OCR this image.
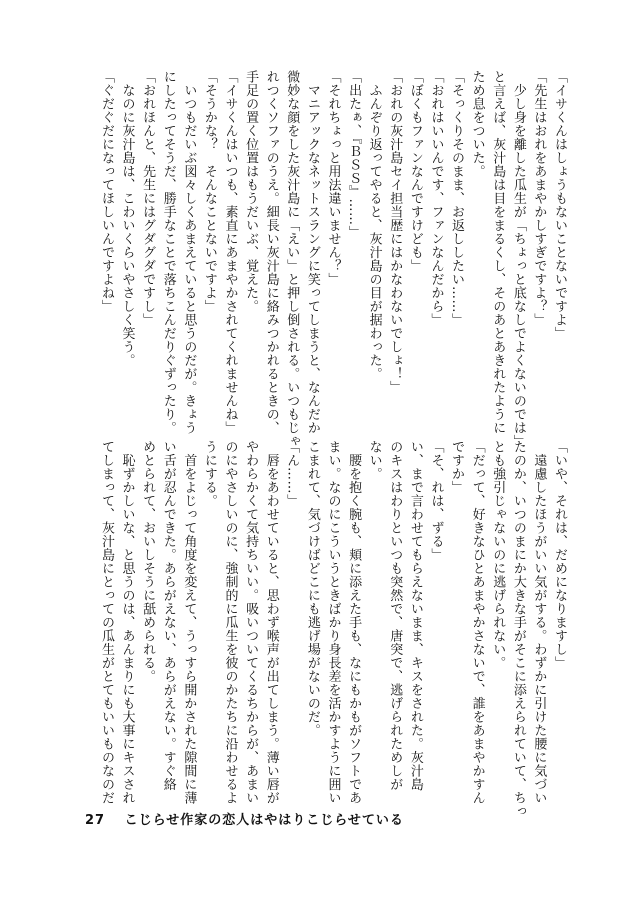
「イサくんはしょうもないことないですよ」
「先生はおれをあまやかしすぎですよ？」
　少し身を離した瓜生が「ちょっと底なしでよくないのでは」
と言えば、灰汁島は目をまるくし、そのあとあきれたように
ため息をついた。
「そっくりそのまま、お返ししたい……」
「おれはいいんです、ファンなんだから」
「ぼくもファンなんですけども」
「おれの灰汁島セイ担当歴にはかなわないでしょ！」
　ふんぞり返ってやると、灰汁島の目が据わった。
「出たぁ、『ＢＳＳ』……」
「それちょっと用法違いません？」
　マニアックなネットスラングに笑ってしまうと、なんだか
微妙な顔をした灰汁島に「えい」と押し倒される。いつもじゃ
れつくソファのうえ。細長い灰汁島に絡みつかれるときの、
手足の置く位置はもうだいぶ、覚えた。
「イサくんはいつも、素直にあまやかされてくれませんね」
「そうかな？　そんなことないですよ」
　いつもだいぶ図々しくあまえていると思うのだが。きょう
にしたってそうだ、勝手なことで落ちこんだりぐずったり。
「おれほんと、先生にはグダグダですし」
　なのに灰汁島は、こわいくらいやさしく笑う。
「ぐだぐだになってほしいんですよね」
「いや、それは、だめになりますし」
　遠慮したほうがいい気がする。わずかに引けた腰に気づい
たのか、いつのまにか大きな手がそこに添えられていて、ちっ
とも強引じゃないのに逃げられない。
「だって、好きなひとあまやかさないで、誰をあまやかすん
ですか」
「そ、れは、ずる」
い、まで言わせてもらえないまま、キスをされた。灰汁島
のキスはわりといつも突然で、唐突で、逃げられためしが
ない。
　腰を抱く腕も、頬に添えた手も、なにもかもがソフトであ
まい。なのにこういうときばかり身長差を活かすように囲い
こまれて、気づけばどこにも逃げ場がないのだ。
「ん……」
　唇をあわせていると、思わず喉声が出てしまう。薄い唇が
やわらかくて気持ちいい。吸いついてくるちからが、あまい
のにやさしいのに、強制的に瓜生を彼のかたちに沿わせるよ
うにする。
　首をよじって角度を変えて、うっすら開かされた隙間に薄
い舌が忍んできた。あらがえない、あらがえない。すぐ絡
めとられて、おいしそうに舐められる。
　恥ずかしいな、と思うのは、あんまりにも大事にキスされ
てしまって、灰汁島にとっての瓜生がとてもいいものなのだ
27 こじらせ作家の恋人はやはりこじらせている
